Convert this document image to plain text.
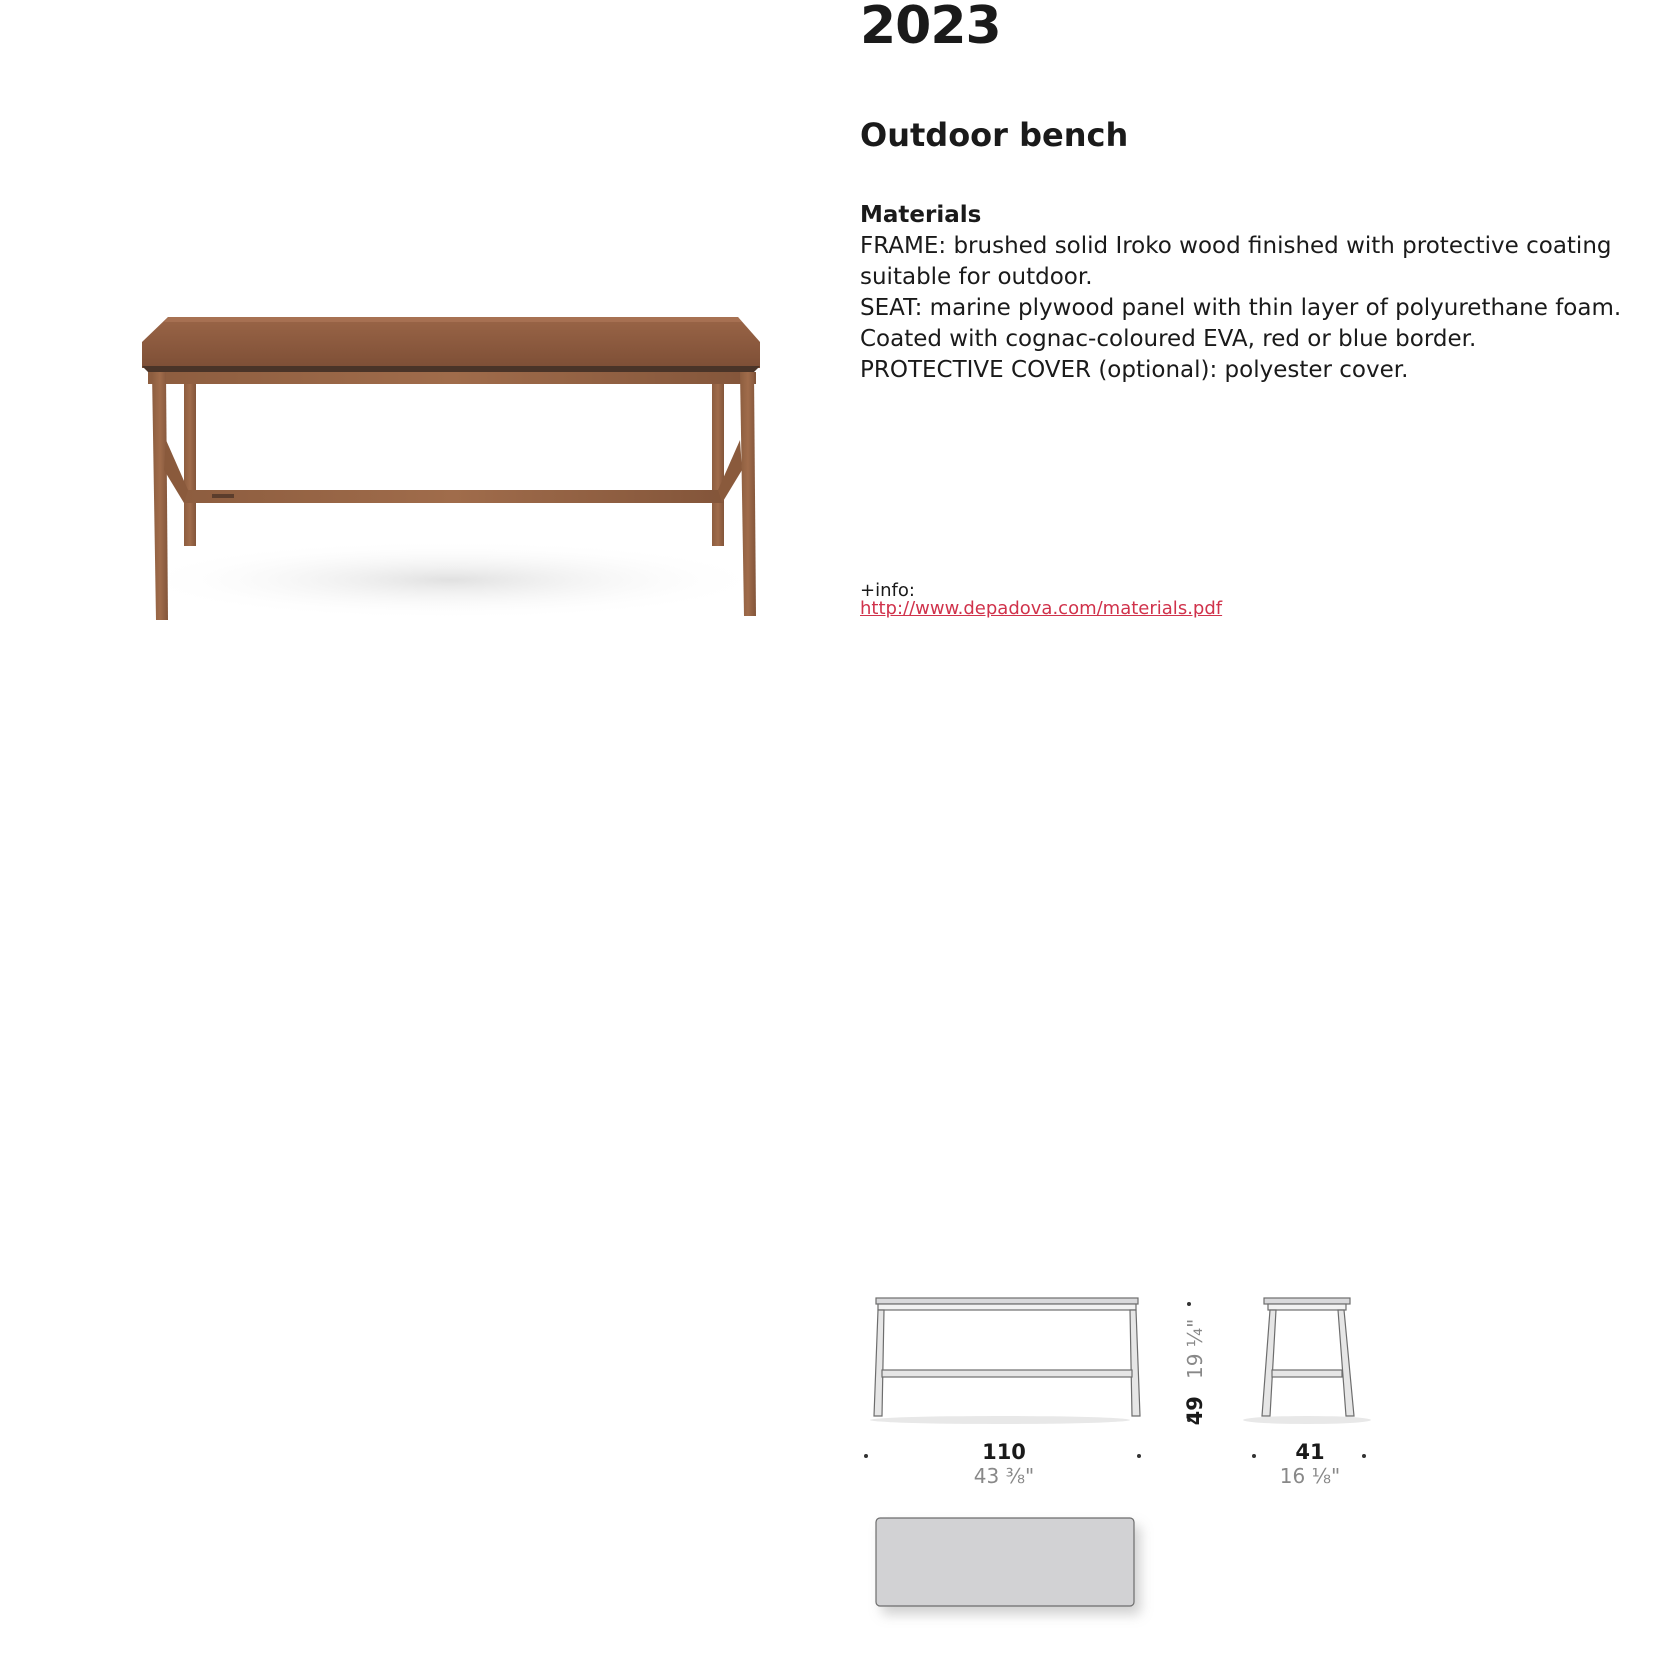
2023
Outdoor bench
Materials
FRAME: brushed solid Iroko wood finished with protective coating
suitable for outdoor.
SEAT: marine plywood panel with thin layer of polyurethane foam.
Coated with cognac-coloured EVA, red or blue border.
PROTECTIVE COVER (optional): polyester cover.
+info:
http://www.depadova.com/materials.pdf
110
43 ⅜"
41
16 ⅛"
49 19 ¼"
